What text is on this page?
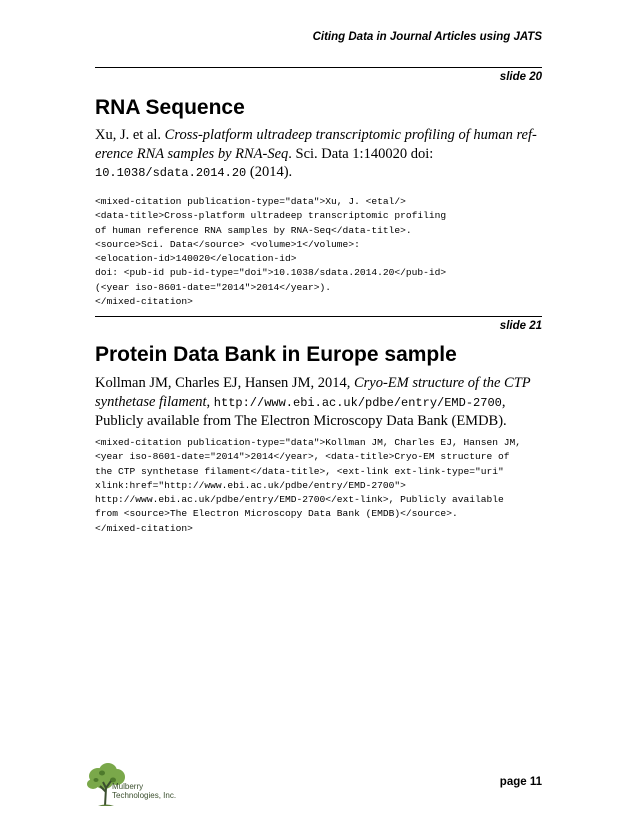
Citing Data in Journal Articles using JATS
slide 20
RNA Sequence
Xu, J. et al. Cross-platform ultradeep transcriptomic profiling of human ref-erence RNA samples by RNA-Seq. Sci. Data 1:140020 doi: 10.1038/sdata.2014.20 (2014).
<mixed-citation publication-type="data">Xu, J. <etal/>
<data-title>Cross-platform ultradeep transcriptomic profiling
of human reference RNA samples by RNA-Seq</data-title>.
<source>Sci. Data</source> <volume>1</volume>:
<elocation-id>140020</elocation-id>
doi: <pub-id pub-id-type="doi">10.1038/sdata.2014.20</pub-id>
(<year iso-8601-date="2014">2014</year>).
</mixed-citation>
slide 21
Protein Data Bank in Europe sample
Kollman JM, Charles EJ, Hansen JM, 2014, Cryo-EM structure of the CTP synthetase filament, http://www.ebi.ac.uk/pdbe/entry/EMD-2700, Publicly available from The Electron Microscopy Data Bank (EMDB).
<mixed-citation publication-type="data">Kollman JM, Charles EJ, Hansen JM,
<year iso-8601-date="2014">2014</year>, <data-title>Cryo-EM structure of
the CTP synthetase filament</data-title>, <ext-link ext-link-type="uri"
xlink:href="http://www.ebi.ac.uk/pdbe/entry/EMD-2700">
http://www.ebi.ac.uk/pdbe/entry/EMD-2700</ext-link>, Publicly available
from <source>The Electron Microscopy Data Bank (EMDB)</source>.
</mixed-citation>
Mulberry
Technologies, Inc.
page 11
